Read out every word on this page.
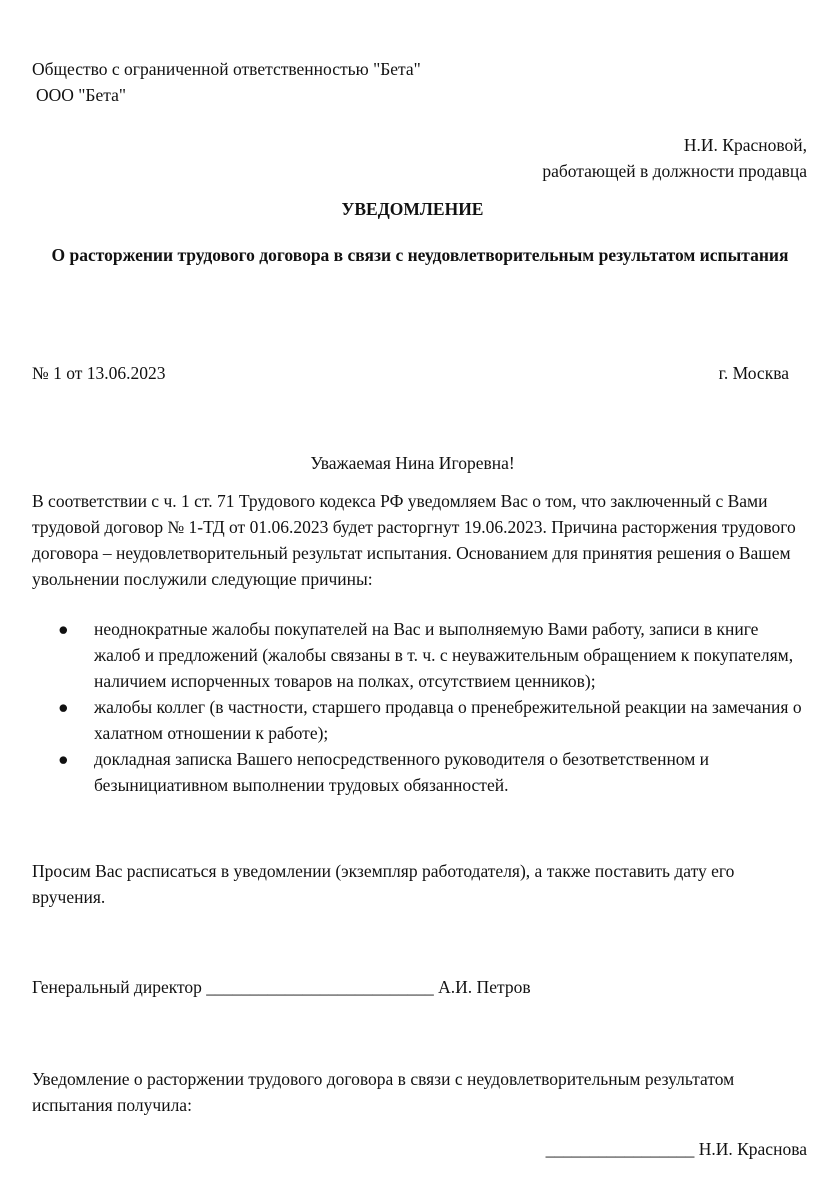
Общество с ограниченной ответственностью "Бета"
ООО "Бета"
Н.И. Красновой,
работающей в должности продавца
УВЕДОМЛЕНИЕ
О расторжении трудового договора в связи с неудовлетворительным результатом испытания
№ 1 от 13.06.2023	г. Москва
Уважаемая Нина Игоревна!
В соответствии с ч. 1 ст. 71 Трудового кодекса РФ уведомляем Вас о том, что заключенный с Вами трудовой договор № 1-ТД от 01.06.2023 будет расторгнут 19.06.2023. Причина расторжения трудового договора – неудовлетворительный результат испытания. Основанием для принятия решения о Вашем увольнении послужили следующие причины:
● неоднократные жалобы покупателей на Вас и выполняемую Вами работу, записи в книге жалоб и предложений (жалобы связаны в т. ч. с неуважительным обращением к покупателям, наличием испорченных товаров на полках, отсутствием ценников);
● жалобы коллег (в частности, старшего продавца о пренебрежительной реакции на замечания о халатном отношении к работе);
● докладная записка Вашего непосредственного руководителя о безответственном и безынициативном выполнении трудовых обязанностей.
Просим Вас расписаться в уведомлении (экземпляр работодателя), а также поставить дату его вручения.
Генеральный директор __________________________ А.И. Петров
Уведомление о расторжении трудового договора в связи с неудовлетворительным результатом испытания получила:
_________________ Н.И. Краснова
